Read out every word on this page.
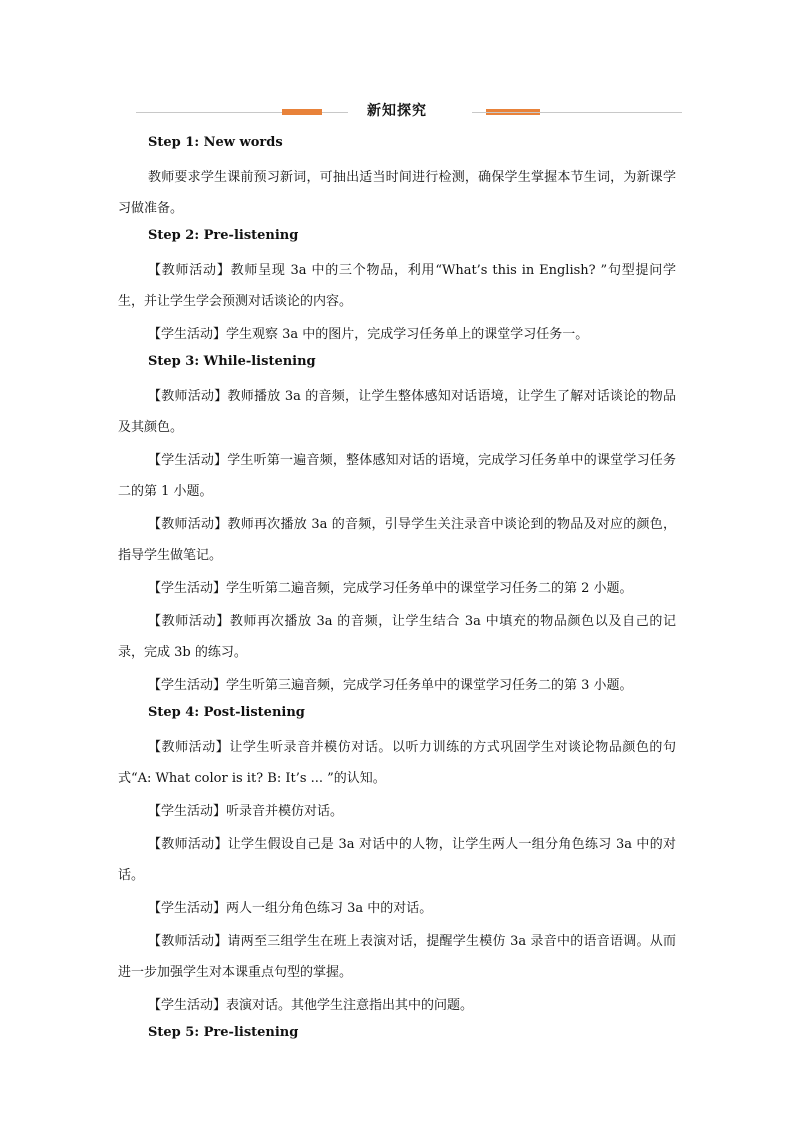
新知探究

Step 1: New words

教师要求学生课前预习新词，可抽出适当时间进行检测，确保学生掌握本节生词，为新课学习做准备。

Step 2: Pre-listening

【教师活动】教师呈现 3a 中的三个物品，利用“What’s this in English? ”句型提问学生，并让学生学会预测对话谈论的内容。

【学生活动】学生观察 3a 中的图片，完成学习任务单上的课堂学习任务一。

Step 3: While-listening

【教师活动】教师播放 3a 的音频，让学生整体感知对话语境，让学生了解对话谈论的物品及其颜色。

【学生活动】学生听第一遍音频，整体感知对话的语境，完成学习任务单中的课堂学习任务二的第 1 小题。

【教师活动】教师再次播放 3a 的音频，引导学生关注录音中谈论到的物品及对应的颜色，指导学生做笔记。

【学生活动】学生听第二遍音频，完成学习任务单中的课堂学习任务二的第 2 小题。

【教师活动】教师再次播放 3a 的音频，让学生结合 3a 中填充的物品颜色以及自己的记录，完成 3b 的练习。

【学生活动】学生听第三遍音频，完成学习任务单中的课堂学习任务二的第 3 小题。

Step 4: Post-listening

【教师活动】让学生听录音并模仿对话。以听力训练的方式巩固学生对谈论物品颜色的句式“A: What color is it? B: It’s ... ”的认知。

【学生活动】听录音并模仿对话。

【教师活动】让学生假设自己是 3a 对话中的人物，让学生两人一组分角色练习 3a 中的对话。

【学生活动】两人一组分角色练习 3a 中的对话。

【教师活动】请两至三组学生在班上表演对话，提醒学生模仿 3a 录音中的语音语调。从而进一步加强学生对本课重点句型的掌握。

【学生活动】表演对话。其他学生注意指出其中的问题。

Step 5: Pre-listening
